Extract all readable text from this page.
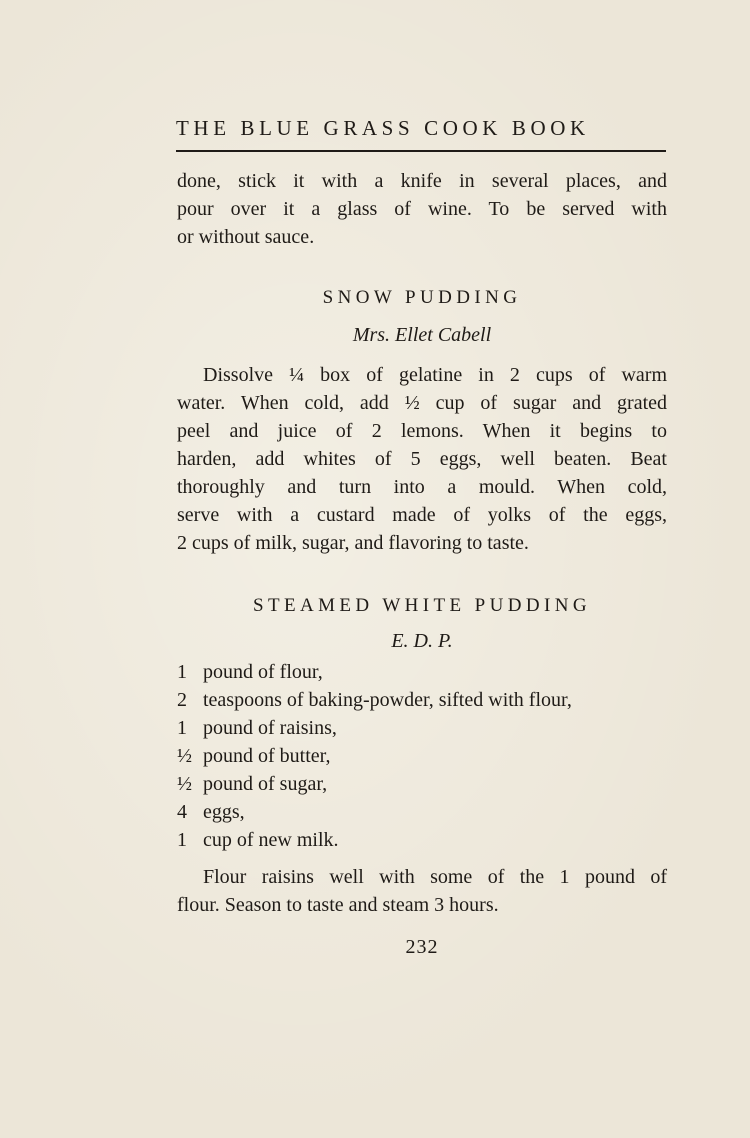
THE BLUE GRASS COOK BOOK
done, stick it with a knife in several places, and
pour over it a glass of wine. To be served with
or without sauce.
SNOW PUDDING
Mrs. Ellet Cabell
Dissolve ¼ box of gelatine in 2 cups of warm
water. When cold, add ½ cup of sugar and grated
peel and juice of 2 lemons. When it begins to
harden, add whites of 5 eggs, well beaten. Beat
thoroughly and turn into a mould. When cold,
serve with a custard made of yolks of the eggs,
2 cups of milk, sugar, and flavoring to taste.
STEAMED WHITE PUDDING
E. D. P.
1 pound of flour,
2 teaspoons of baking-powder, sifted with flour,
1 pound of raisins,
½ pound of butter,
½ pound of sugar,
4 eggs,
1 cup of new milk.
Flour raisins well with some of the 1 pound of
flour. Season to taste and steam 3 hours.
232
